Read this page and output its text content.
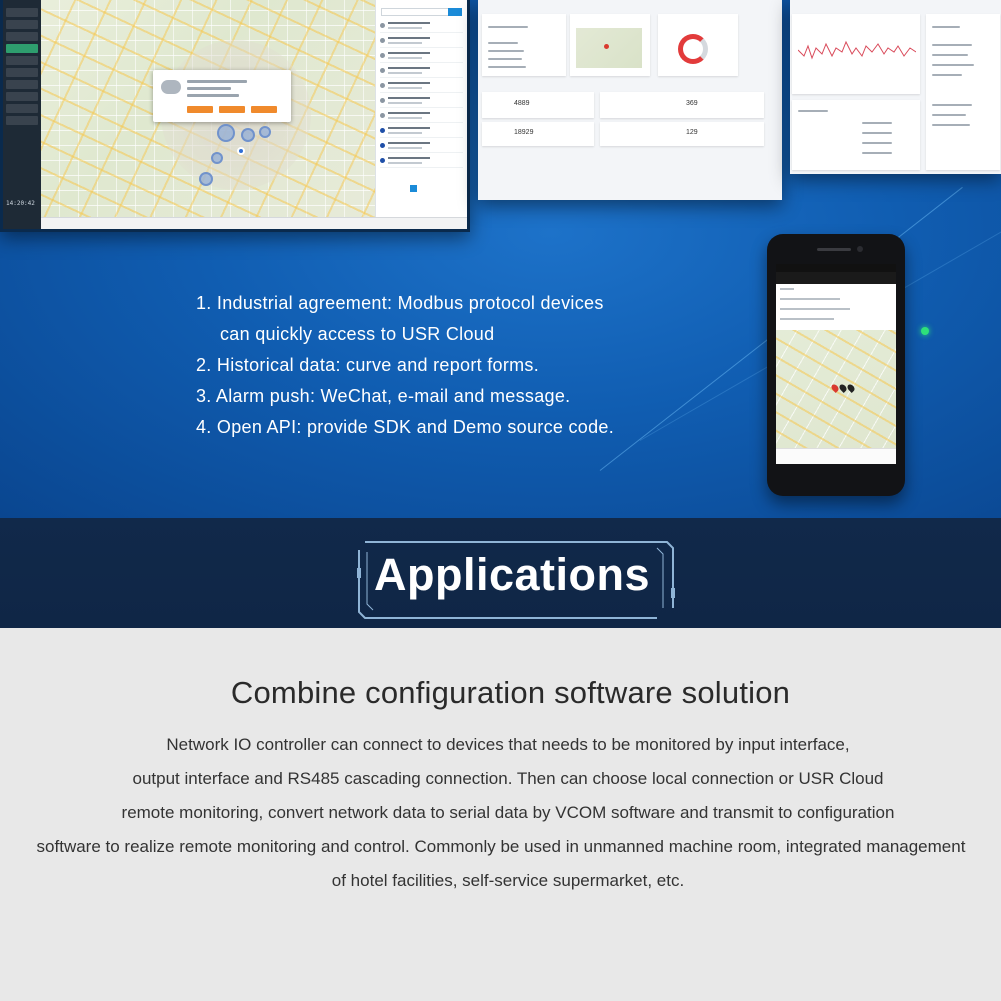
14:20:42
4889
18929
369
129
1. Industrial agreement: Modbus protocol devices
can quickly access to USR Cloud
2. Historical data: curve and report forms.
3. Alarm push: WeChat, e-mail and message.
4. Open API: provide SDK and Demo source code.
Applications
Combine configuration software solution
Network IO controller can connect to devices that needs to be monitored by input interface,
output interface and RS485 cascading connection. Then can choose local connection or USR Cloud
remote monitoring, convert network data to serial data by VCOM software and transmit to configuration
software to realize remote monitoring and control. Commonly be used in unmanned machine room, integrated management
of hotel facilities, self-service supermarket, etc.
